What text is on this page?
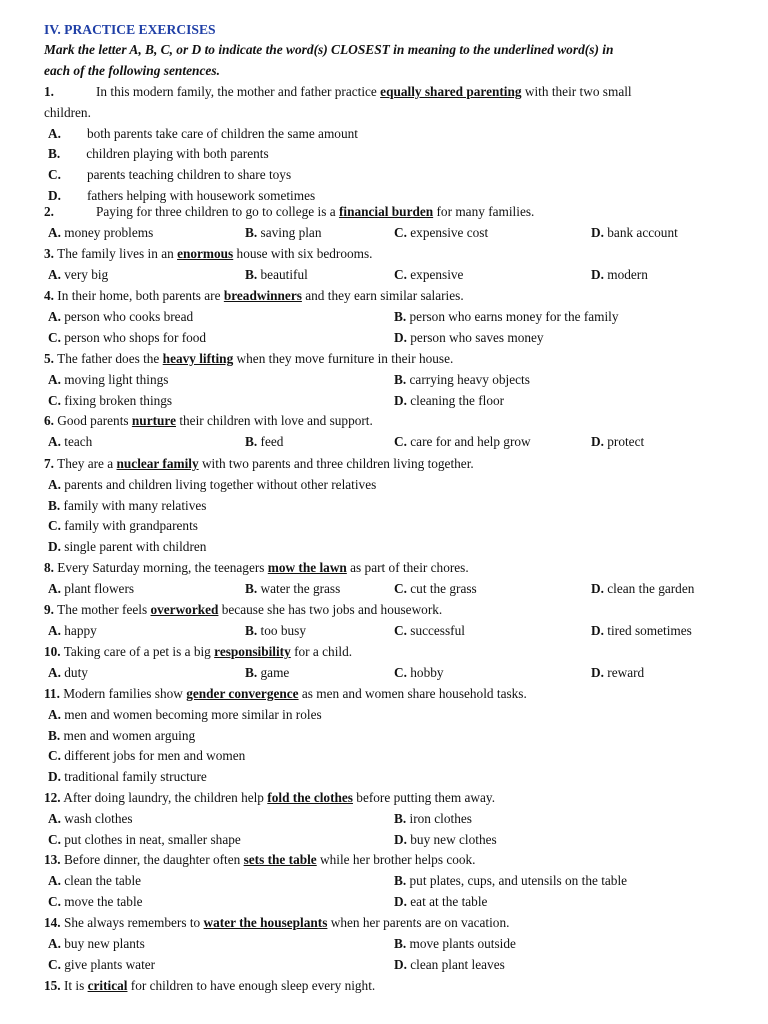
IV. PRACTICE EXERCISES
Mark the letter A, B, C, or D to indicate the word(s) CLOSEST in meaning to the underlined word(s) in
each of the following sentences.
1.	In this modern family, the mother and father practice equally shared parenting with their two small
children.
A. both parents take care of children the same amount
B. children playing with both parents
C. parents teaching children to share toys
D. fathers helping with housework sometimes
2.	Paying for three children to go to college is a financial burden for many families.
A. money problems	B. saving plan	C. expensive cost	D. bank account
3. The family lives in an enormous house with six bedrooms.
A. very big	B. beautiful	C. expensive	D. modern
4. In their home, both parents are breadwinners and they earn similar salaries.
A. person who cooks bread	B. person who earns money for the family
C. person who shops for food	D. person who saves money
5. The father does the heavy lifting when they move furniture in their house.
A. moving light things	B. carrying heavy objects
C. fixing broken things	D. cleaning the floor
6. Good parents nurture their children with love and support.
A. teach	B. feed	C. care for and help grow	D. protect
7. They are a nuclear family with two parents and three children living together.
A. parents and children living together without other relatives
B. family with many relatives
C. family with grandparents
D. single parent with children
8. Every Saturday morning, the teenagers mow the lawn as part of their chores.
A. plant flowers	B. water the grass	C. cut the grass	D. clean the garden
9. The mother feels overworked because she has two jobs and housework.
A. happy	B. too busy	C. successful	D. tired sometimes
10. Taking care of a pet is a big responsibility for a child.
A. duty	B. game	C. hobby	D. reward
11. Modern families show gender convergence as men and women share household tasks.
A. men and women becoming more similar in roles
B. men and women arguing
C. different jobs for men and women
D. traditional family structure
12. After doing laundry, the children help fold the clothes before putting them away.
A. wash clothes	B. iron clothes
C. put clothes in neat, smaller shape	D. buy new clothes
13. Before dinner, the daughter often sets the table while her brother helps cook.
A. clean the table	B. put plates, cups, and utensils on the table
C. move the table	D. eat at the table
14. She always remembers to water the houseplants when her parents are on vacation.
A. buy new plants	B. move plants outside
C. give plants water	D. clean plant leaves
15. It is critical for children to have enough sleep every night.
